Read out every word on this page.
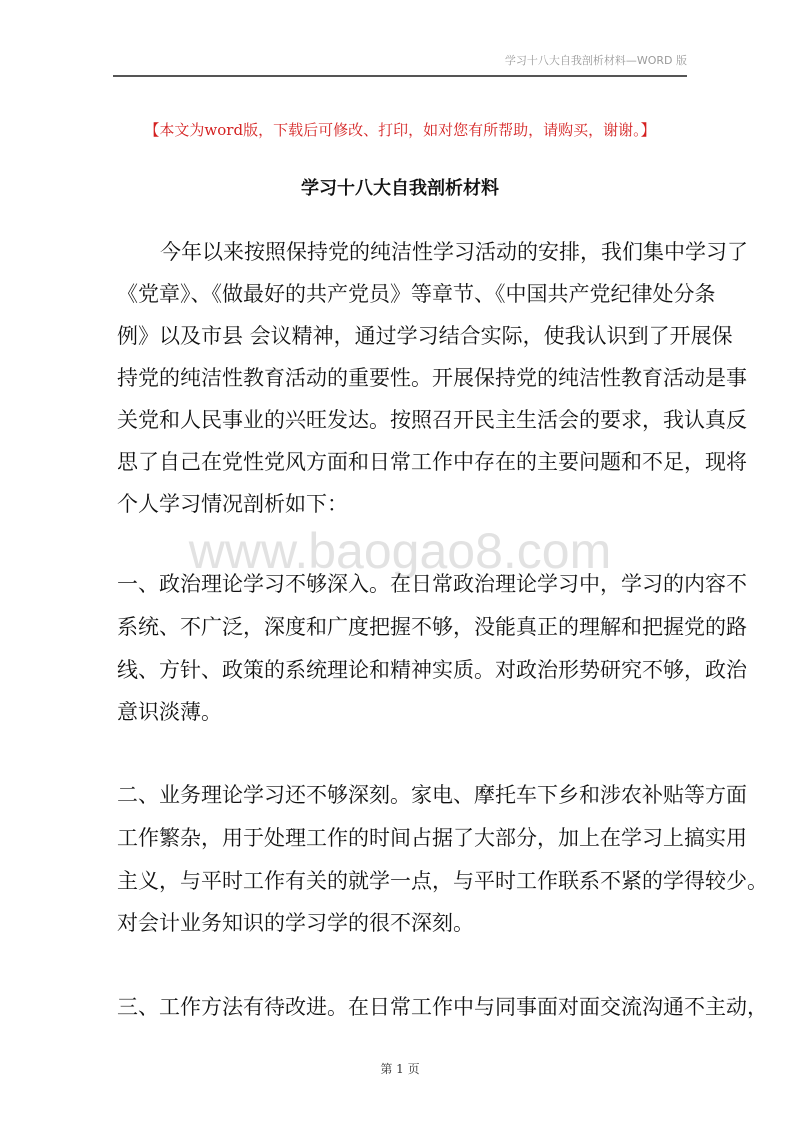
学习十八大自我剖析材料—WORD 版
【本文为word版，下载后可修改、打印，如对您有所帮助，请购买，谢谢。】
学习十八大自我剖析材料
www.baogao8.com
今年以来按照保持党的纯洁性学习活动的安排，我们集中学习了
《党章》、《做最好的共产党员》等章节、《中国共产党纪律处分条
例》以及市县 会议精神，通过学习结合实际，使我认识到了开展保
持党的纯洁性教育活动的重要性。开展保持党的纯洁性教育活动是事
关党和人民事业的兴旺发达。按照召开民主生活会的要求，我认真反
思了自己在党性党风方面和日常工作中存在的主要问题和不足，现将
个人学习情况剖析如下：
一、政治理论学习不够深入。在日常政治理论学习中，学习的内容不
系统、不广泛，深度和广度把握不够，没能真正的理解和把握党的路
线、方针、政策的系统理论和精神实质。对政治形势研究不够，政治
意识淡薄。
二、业务理论学习还不够深刻。家电、摩托车下乡和涉农补贴等方面
工作繁杂，用于处理工作的时间占据了大部分，加上在学习上搞实用
主义，与平时工作有关的就学一点，与平时工作联系不紧的学得较少。
对会计业务知识的学习学的很不深刻。
三、工作方法有待改进。在日常工作中与同事面对面交流沟通不主动，
第 1 页
